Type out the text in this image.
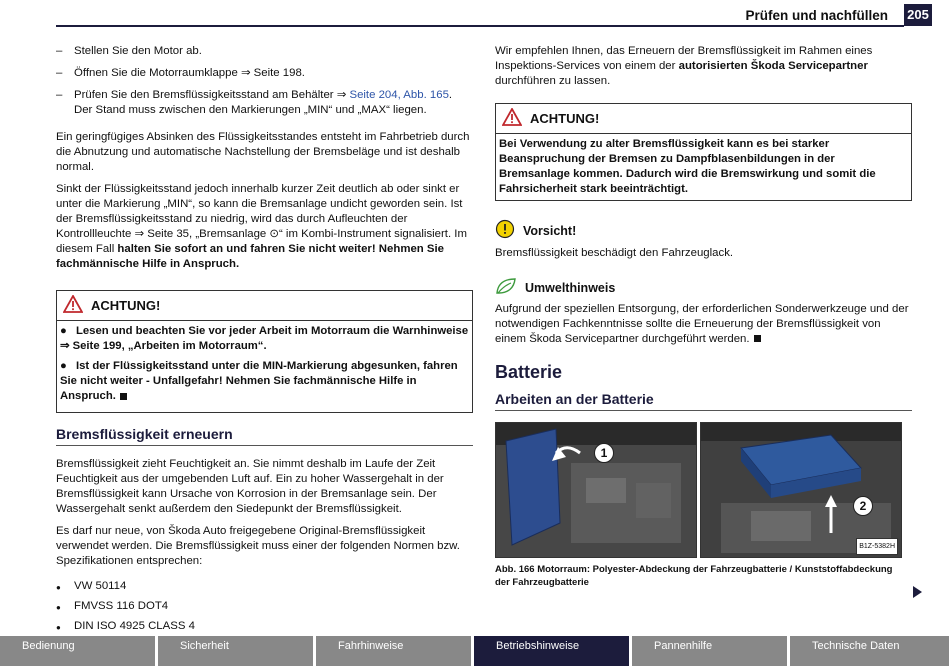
Prüfen und nachfüllen 205
– Stellen Sie den Motor ab.
– Öffnen Sie die Motorraumklappe ⇒ Seite 198.
– Prüfen Sie den Bremsflüssigkeitsstand am Behälter ⇒ Seite 204, Abb. 165. Der Stand muss zwischen den Markierungen „MIN“ und „MAX“ liegen.

Ein geringfügiges Absinken des Flüssigkeitsstandes entsteht im Fahrbetrieb durch die Abnutzung und automatische Nachstellung der Bremsbeläge und ist deshalb normal.

Sinkt der Flüssigkeitsstand jedoch innerhalb kurzer Zeit deutlich ab oder sinkt er unter die Markierung „MIN“, so kann die Bremsanlage undicht geworden sein. Ist der Bremsflüssigkeitsstand zu niedrig, wird das durch Aufleuchten der Kontrollleuchte ⇒ Seite 35, „Bremsanlage ⊙“ im Kombi-Instrument signalisiert. Im diesem Fall halten Sie sofort an und fahren Sie nicht weiter! Nehmen Sie fachmännische Hilfe in Anspruch.

ACHTUNG!
● Lesen und beachten Sie vor jeder Arbeit im Motorraum die Warnhinweise ⇒ Seite 199, „Arbeiten im Motorraum“.
● Ist der Flüssigkeitsstand unter die MIN-Markierung abgesunken, fahren Sie nicht weiter - Unfallgefahr! Nehmen Sie fachmännische Hilfe in Anspruch.
Bremsflüssigkeit erneuern

Bremsflüssigkeit zieht Feuchtigkeit an. Sie nimmt deshalb im Laufe der Zeit Feuchtigkeit aus der umgebenden Luft auf. Ein zu hoher Wassergehalt in der Bremsflüssigkeit kann Ursache von Korrosion in der Bremsanlage sein. Der Wassergehalt senkt außerdem den Siedepunkt der Bremsflüssigkeit.

Es darf nur neue, von Škoda Auto freigegebene Original-Bremsflüssigkeit verwendet werden. Die Bremsflüssigkeit muss einer der folgenden Normen bzw. Spezifikationen entsprechen:

● VW 50114
● FMVSS 116 DOT4
● DIN ISO 4925 CLASS 4

Wir empfehlen Ihnen, das Erneuern der Bremsflüssigkeit im Rahmen eines Inspektions-Services von einem der autorisierten Škoda Servicepartner durchführen zu lassen.

ACHTUNG!
Bei Verwendung zu alter Bremsflüssigkeit kann es bei starker Beanspruchung der Bremsen zu Dampfblasenbildungen in der Bremsanlage kommen. Dadurch wird die Bremswirkung und somit die Fahrsicherheit stark beeinträchtigt.
Vorsicht!

Bremsflüssigkeit beschädigt den Fahrzeuglack.

Umwelthinweis

Aufgrund der speziellen Entsorgung, der erforderlichen Sonderwerkzeuge und der notwendigen Fachkenntnisse sollte die Erneuerung der Bremsflüssigkeit von einem Škoda Servicepartner durchgeführt werden.

Batterie
Arbeiten an der Batterie
1
2
B1Z-5382H
Abb. 166 Motorraum: Polyester-Abdeckung der Fahrzeugbatterie / Kunststoffabdeckung der Fahrzeugbatterie
Bedienung	Sicherheit	Fahrhinweise	Betriebshinweise	Pannenhilfe	Technische Daten
